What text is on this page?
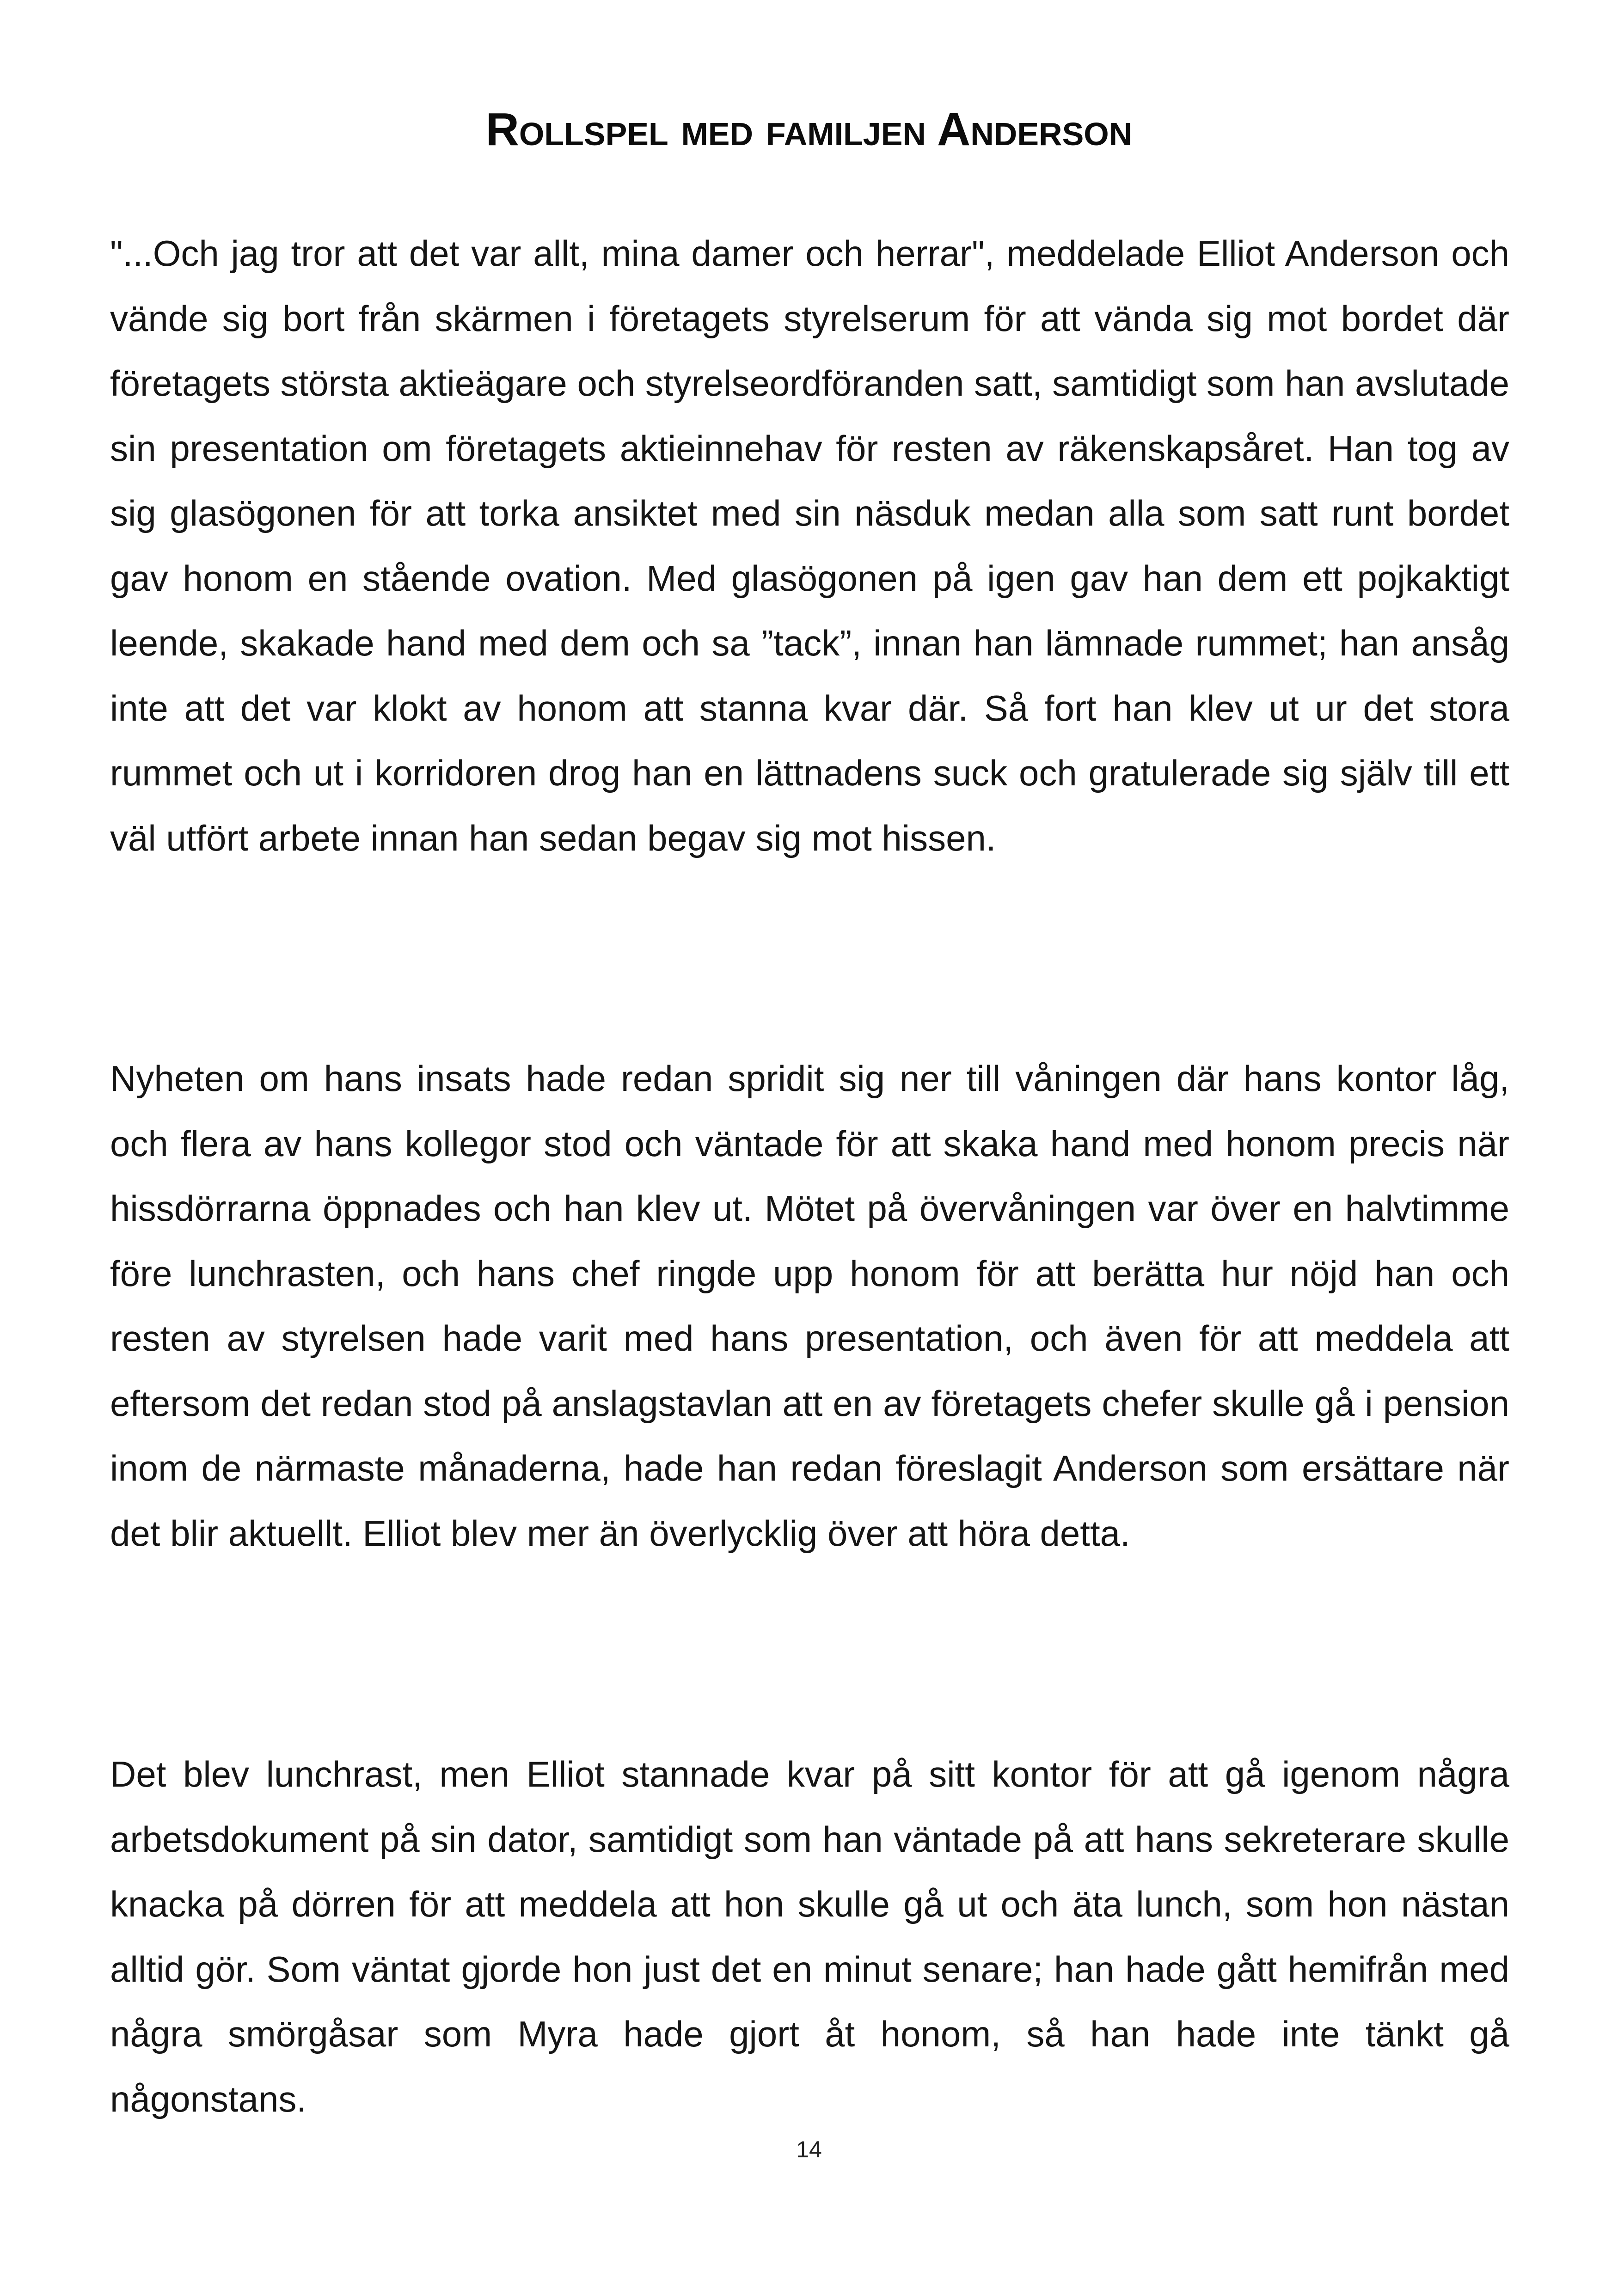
Rollspel med familjen Anderson

"...Och jag tror att det var allt, mina damer och herrar", meddelade Elliot Anderson och vände sig bort från skärmen i företagets styrelserum för att vända sig mot bordet där företagets största aktieägare och styrelseordföranden satt, samtidigt som han avslutade sin presentation om företagets aktieinnehav för resten av räkenskapsåret. Han tog av sig glasögonen för att torka ansiktet med sin näsduk medan alla som satt runt bordet gav honom en stående ovation. Med glasögonen på igen gav han dem ett pojkaktigt leende, skakade hand med dem och sa ”tack”, innan han lämnade rummet; han ansåg inte att det var klokt av honom att stanna kvar där. Så fort han klev ut ur det stora rummet och ut i korridoren drog han en lättnadens suck och gratulerade sig själv till ett väl utfört arbete innan han sedan begav sig mot hissen.

Nyheten om hans insats hade redan spridit sig ner till våningen där hans kontor låg, och flera av hans kollegor stod och väntade för att skaka hand med honom precis när hissdörrarna öppnades och han klev ut. Mötet på övervåningen var över en halvtimme före lunchrasten, och hans chef ringde upp honom för att berätta hur nöjd han och resten av styrelsen hade varit med hans presentation, och även för att meddela att eftersom det redan stod på anslagstavlan att en av företagets chefer skulle gå i pension inom de närmaste månaderna, hade han redan föreslagit Anderson som ersättare när det blir aktuellt. Elliot blev mer än överlycklig över att höra detta.

Det blev lunchrast, men Elliot stannade kvar på sitt kontor för att gå igenom några arbetsdokument på sin dator, samtidigt som han väntade på att hans sekreterare skulle knacka på dörren för att meddela att hon skulle gå ut och äta lunch, som hon nästan alltid gör. Som väntat gjorde hon just det en minut senare; han hade gått hemifrån med några smörgåsar som Myra hade gjort åt honom, så han hade inte tänkt gå någonstans.

14
